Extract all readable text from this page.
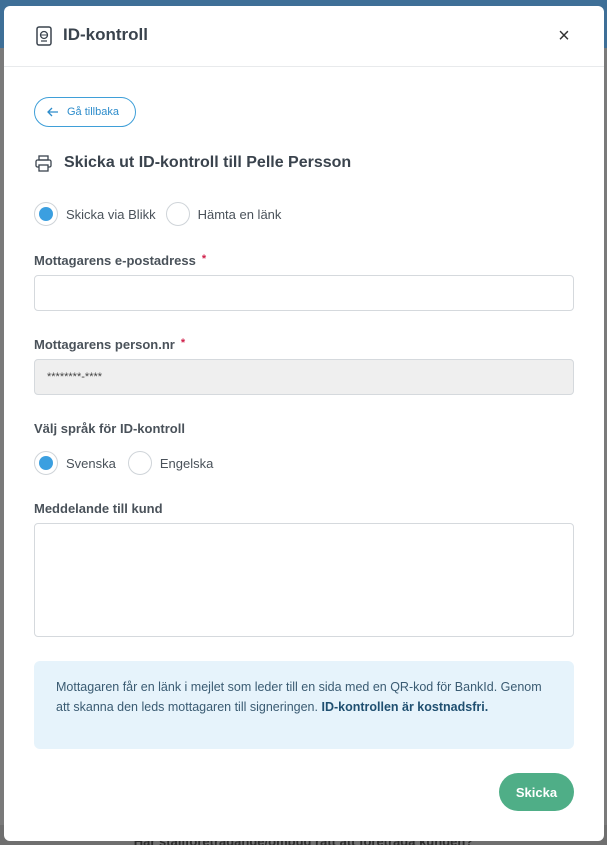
ID-kontroll	×
Gå tillbaka
Skicka ut ID-kontroll till Pelle Persson
Skicka via Blikk	Hämta en länk
Mottagarens e-postadress *
Mottagarens person.nr *
********-****
Välj språk för ID-kontroll
Svenska	Engelska
Meddelande till kund
Mottagaren får en länk i mejlet som leder till en sida med en QR-kod för BankId. Genom att skanna den leds mottagaren till signeringen. ID-kontrollen är kostnadsfri.
Skicka
